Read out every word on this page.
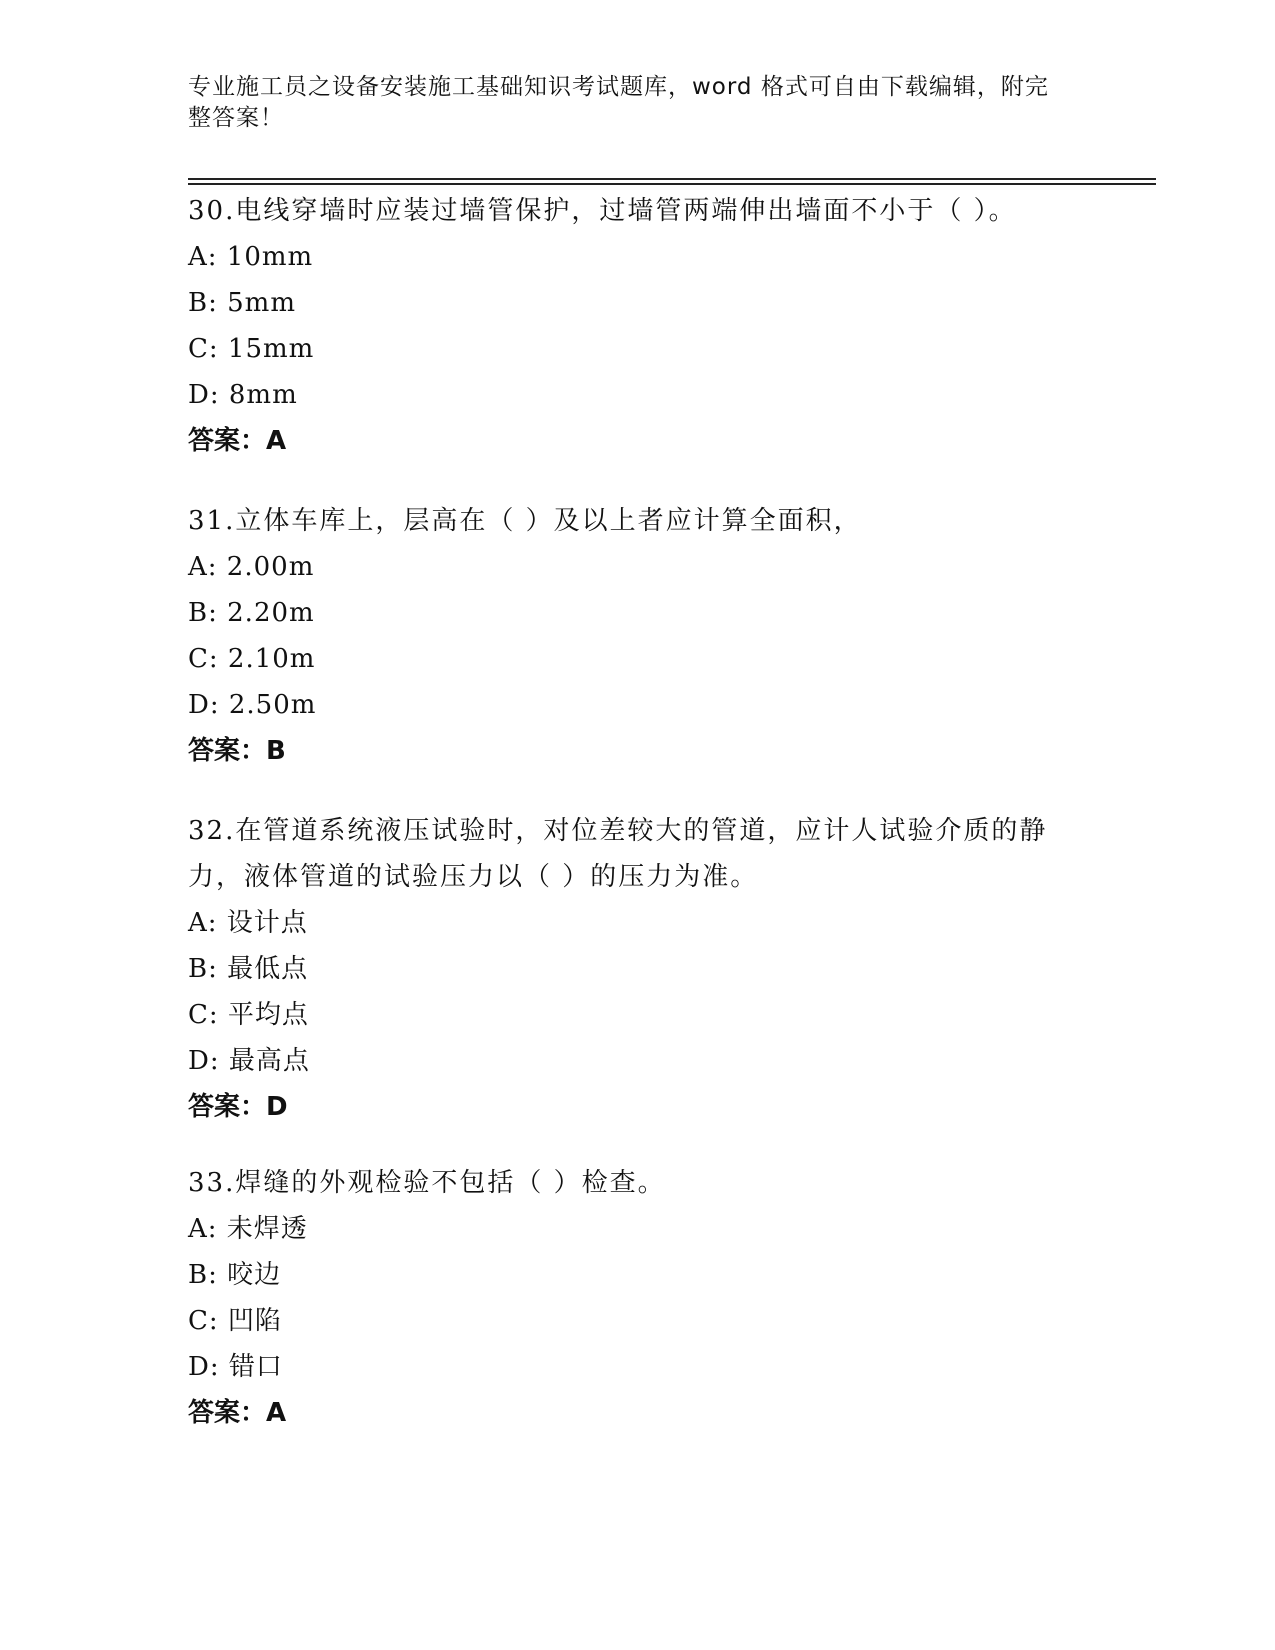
专业施工员之设备安装施工基础知识考试题库，word 格式可自由下载编辑，附完整答案！

30.电线穿墙时应装过墙管保护，过墙管两端伸出墙面不小于（ ）。

A: 10mm

B: 5mm

C: 15mm

D: 8mm

答案：A

31.立体车库上，层高在（ ）及以上者应计算全面积，

A: 2.00m

B: 2.20m

C: 2.10m

D: 2.50m

答案：B

32.在管道系统液压试验时，对位差较大的管道，应计人试验介质的静力，液体管道的试验压力以（ ）的压力为准。

A: 设计点

B: 最低点

C: 平均点

D: 最高点

答案：D

33.焊缝的外观检验不包括（ ）检查。

A: 未焊透

B: 咬边

C: 凹陷

D: 错口

答案：A
